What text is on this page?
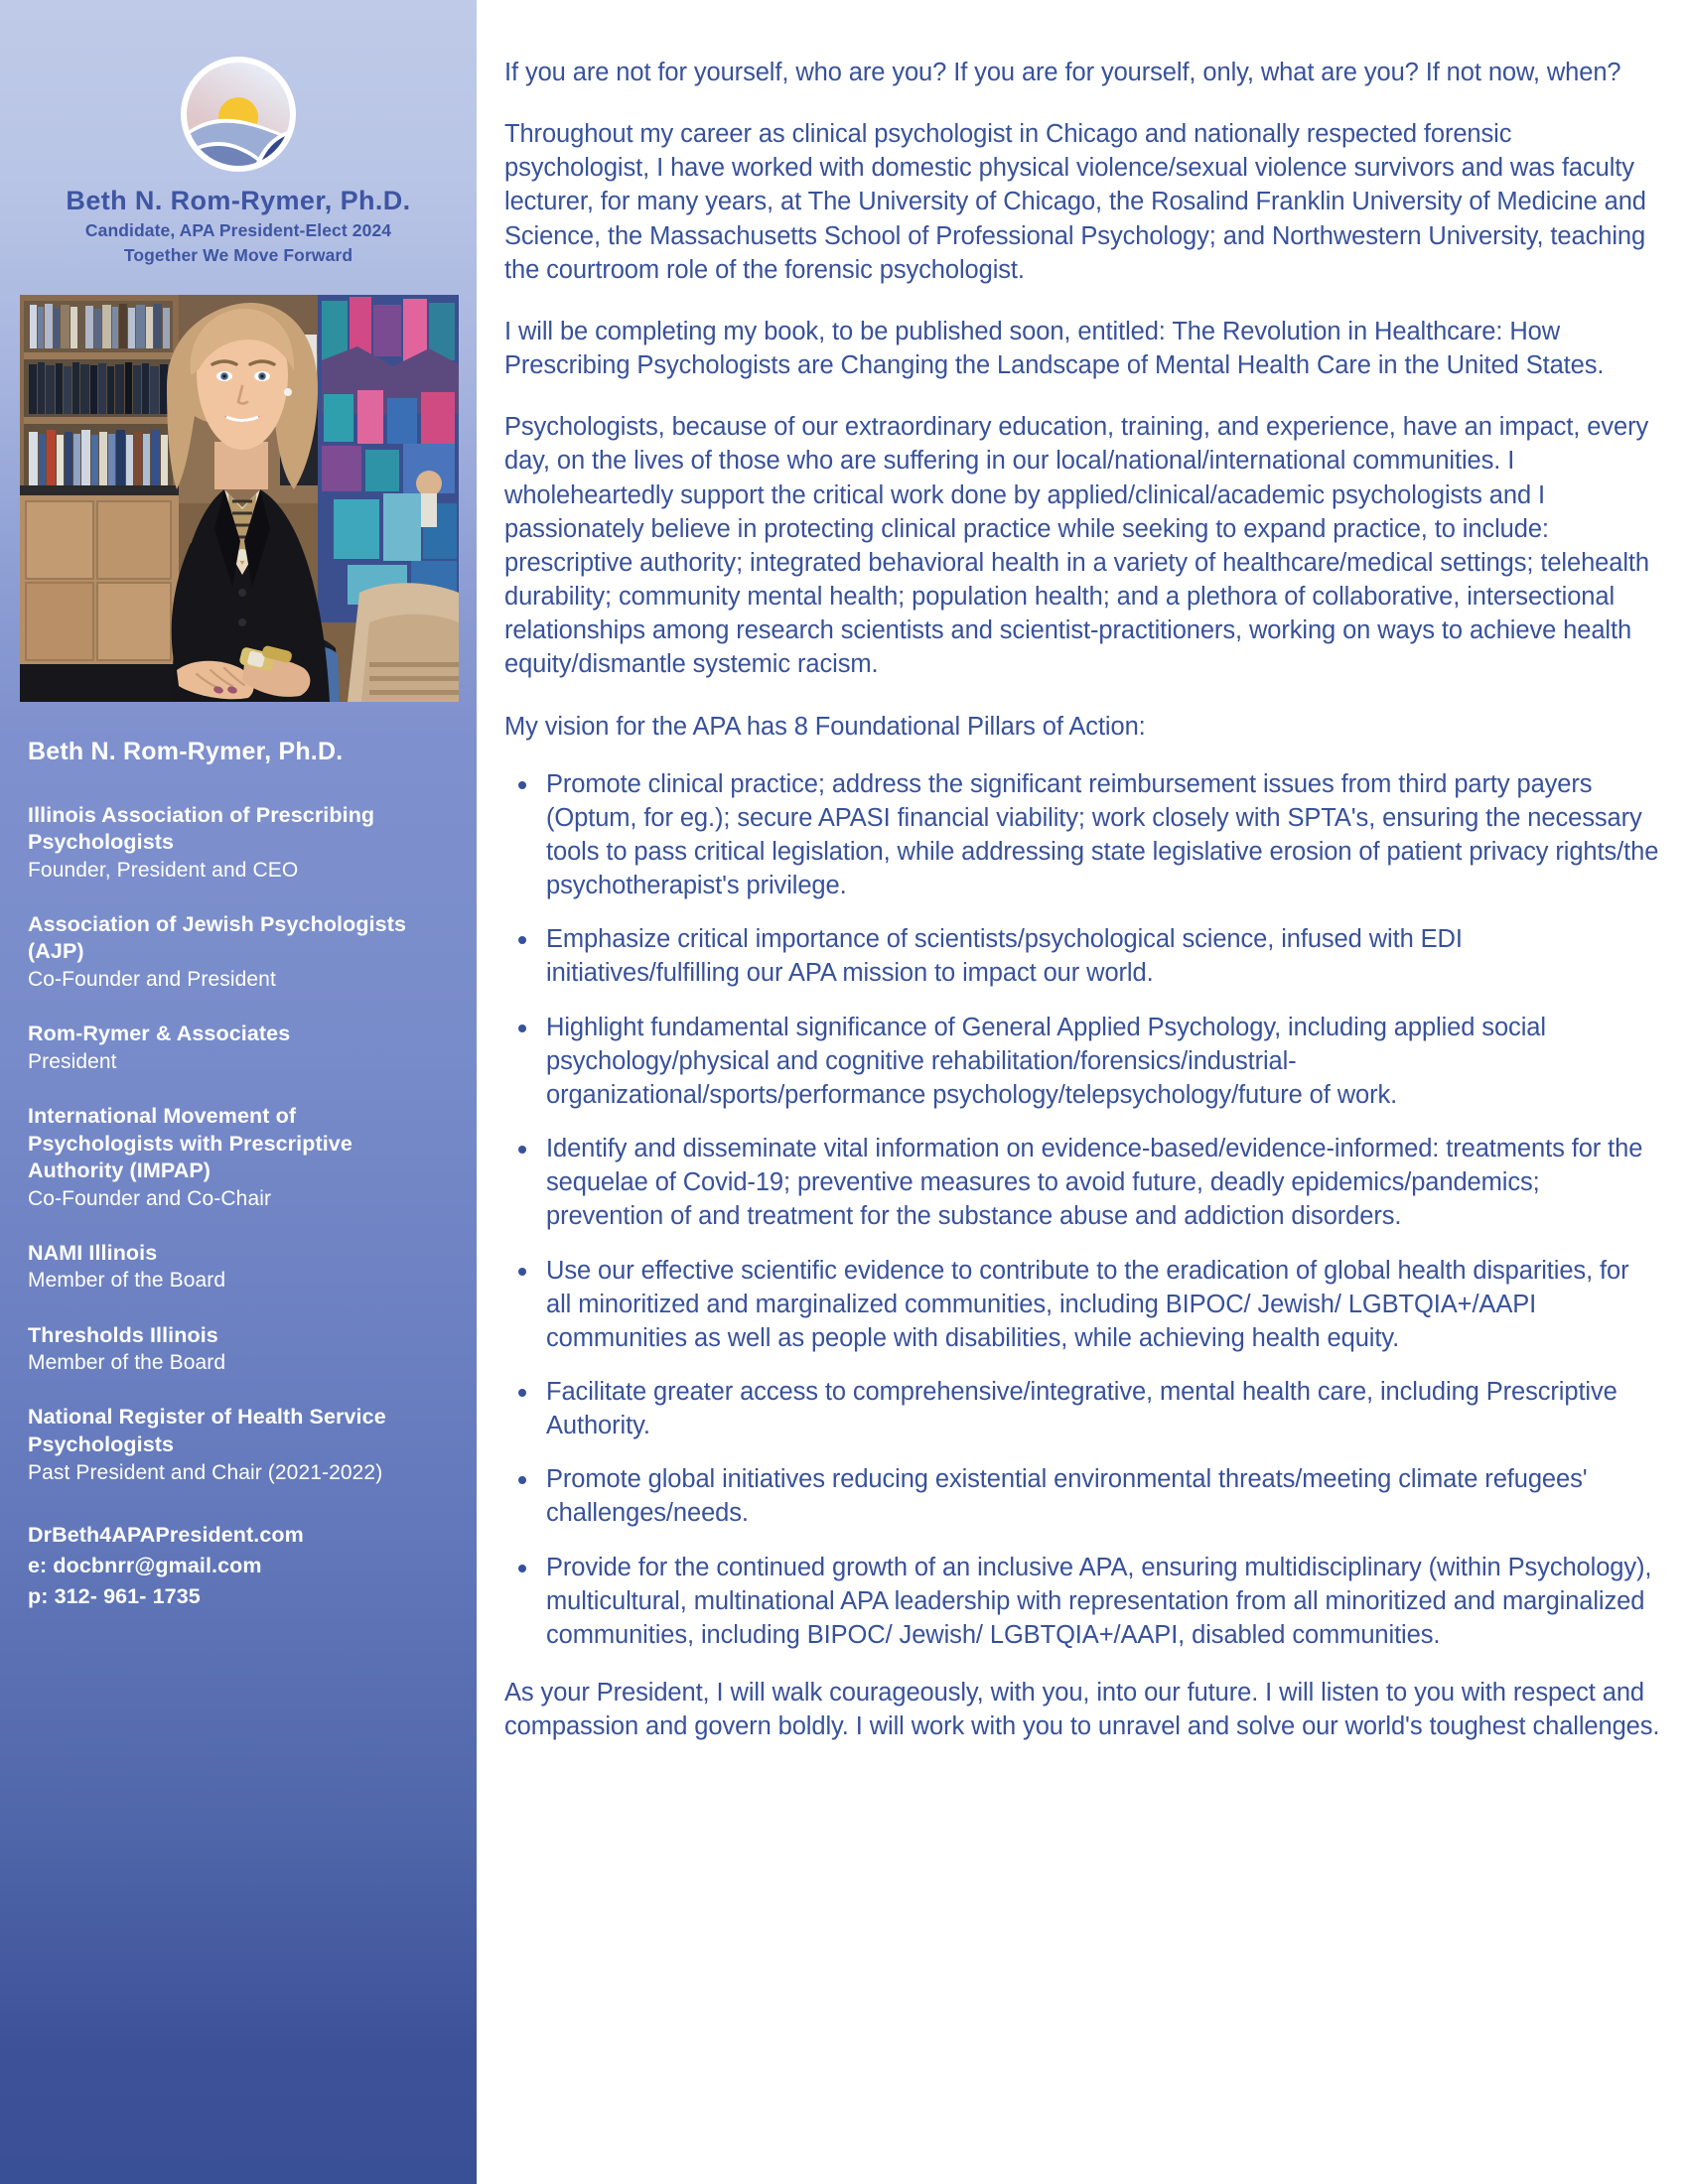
Beth N. Rom-Rymer, Ph.D.
Candidate, APA President-Elect 2024
Together We Move Forward
Beth N. Rom-Rymer, Ph.D.
Illinois Association of Prescribing Psychologists
Founder, President and CEO
Association of Jewish Psychologists (AJP)
Co-Founder and President
Rom-Rymer & Associates
President
International Movement of Psychologists with Prescriptive Authority (IMPAP)
Co-Founder and Co-Chair
NAMI Illinois
Member of the Board
Thresholds Illinois
Member of the Board
National Register of Health Service Psychologists
Past President and Chair (2021-2022)
DrBeth4APAPresident.com
e: docbnrr@gmail.com
p: 312- 961- 1735

If you are not for yourself, who are you? If you are for yourself, only, what are you? If not now, when?

Throughout my career as clinical psychologist in Chicago and nationally respected forensic psychologist, I have worked with domestic physical violence/sexual violence survivors and was faculty lecturer, for many years, at The University of Chicago, the Rosalind Franklin University of Medicine and Science, the Massachusetts School of Professional Psychology; and Northwestern University, teaching the courtroom role of the forensic psychologist.

I will be completing my book, to be published soon, entitled: The Revolution in Healthcare: How Prescribing Psychologists are Changing the Landscape of Mental Health Care in the United States.

Psychologists, because of our extraordinary education, training, and experience, have an impact, every day, on the lives of those who are suffering in our local/national/international communities. I wholeheartedly support the critical work done by applied/clinical/academic psychologists and I passionately believe in protecting clinical practice while seeking to expand practice, to include: prescriptive authority; integrated behavioral health in a variety of healthcare/medical settings; telehealth durability; community mental health; population health; and a plethora of collaborative, intersectional relationships among research scientists and scientist-practitioners, working on ways to achieve health equity/dismantle systemic racism.

My vision for the APA has 8 Foundational Pillars of Action:

Promote clinical practice; address the significant reimbursement issues from third party payers (Optum, for eg.); secure APASI financial viability; work closely with SPTA's, ensuring the necessary tools to pass critical legislation, while addressing state legislative erosion of patient privacy rights/the psychotherapist's privilege.
Emphasize critical importance of scientists/psychological science, infused with EDI initiatives/fulfilling our APA mission to impact our world.
Highlight fundamental significance of General Applied Psychology, including applied social psychology/physical and cognitive rehabilitation/forensics/industrial-organizational/sports/performance psychology/telepsychology/future of work.
Identify and disseminate vital information on evidence-based/evidence-informed: treatments for the sequelae of Covid-19; preventive measures to avoid future, deadly epidemics/pandemics; prevention of and treatment for the substance abuse and addiction disorders.
Use our effective scientific evidence to contribute to the eradication of global health disparities, for all minoritized and marginalized communities, including BIPOC/ Jewish/ LGBTQIA+/AAPI communities as well as people with disabilities, while achieving health equity.
Facilitate greater access to comprehensive/integrative, mental health care, including Prescriptive Authority.
Promote global initiatives reducing existential environmental threats/meeting climate refugees' challenges/needs.
Provide for the continued growth of an inclusive APA, ensuring multidisciplinary (within Psychology), multicultural, multinational APA leadership with representation from all minoritized and marginalized communities, including BIPOC/ Jewish/ LGBTQIA+/AAPI, disabled communities.

As your President, I will walk courageously, with you, into our future. I will listen to you with respect and compassion and govern boldly. I will work with you to unravel and solve our world's toughest challenges.
